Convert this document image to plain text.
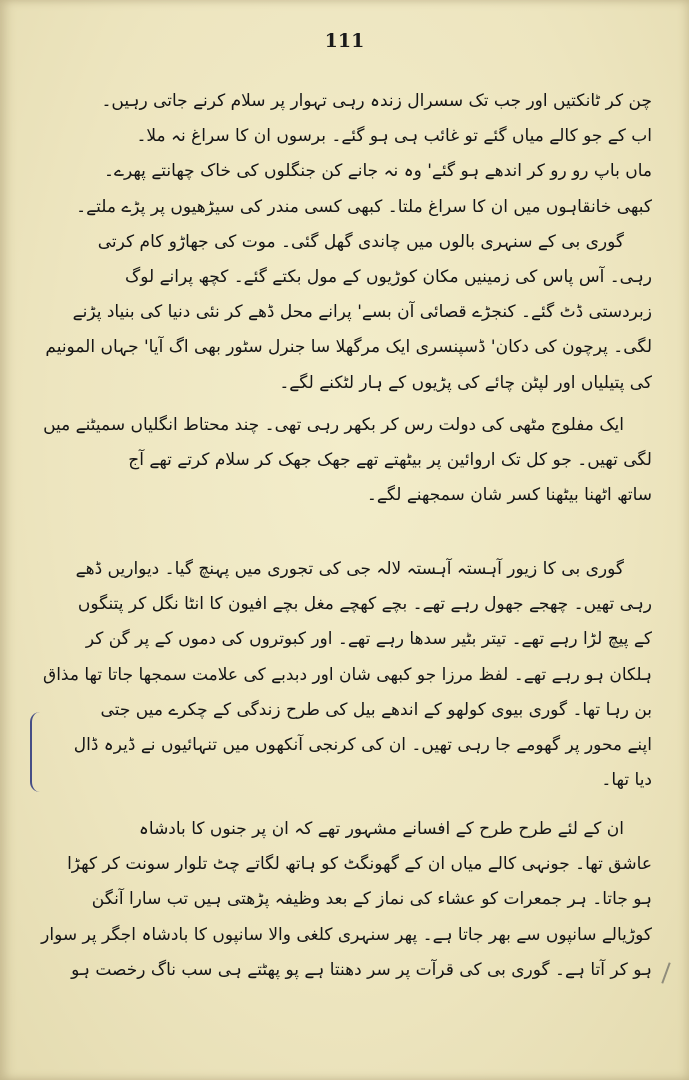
111
چن کر ٹانکتیں اور جب تک سسرال زندہ رہی تہوار پر سلام کرنے جاتی رہیں۔
اب کے جو کالے میاں گئے تو غائب ہی ہو گئے۔ برسوں ان کا سراغ نہ ملا۔
ماں باپ رو رو کر اندھے ہو گئے' وہ نہ جانے کن جنگلوں کی خاک چھانتے پھرے۔
کبھی خانقاہوں میں ان کا سراغ ملتا۔ کبھی کسی مندر کی سیڑھیوں پر پڑے ملتے۔
گوری بی کے سنہری بالوں میں چاندی گھل گئی۔ موت کی جھاڑو کام کرتی
رہی۔ آس پاس کی زمینیں مکان کوڑیوں کے مول بکتے گئے۔ کچھ پرانے لوگ
زبردستی ڈٹ گئے۔ کنجڑے قصائی آن بسے' پرانے محل ڈھے کر نئی دنیا کی بنیاد پڑنے
لگی۔ پرچون کی دکان' ڈسپنسری ایک مرگھلا سا جنرل سٹور بھی اگ آیا' جہاں المونیم
کی پتیلیاں اور لپٹن چائے کی پڑیوں کے ہار لٹکنے لگے۔
ایک مفلوج مٹھی کی دولت رس کر بکھر رہی تھی۔ چند محتاط انگلیاں سمیٹنے میں
لگی تھیں۔ جو کل تک اروائین پر بیٹھتے تھے جھک جھک کر سلام کرتے تھے آج
ساتھ اٹھنا بیٹھنا کسر شان سمجھنے لگے۔
گوری بی کا زیور آہستہ آہستہ لالہ جی کی تجوری میں پہنچ گیا۔ دیواریں ڈھے
رہی تھیں۔ چھجے جھول رہے تھے۔ بچے کھچے مغل بچے افیون کا انٹا نگل کر پتنگوں
کے پیچ لڑا رہے تھے۔ تیتر بٹیر سدھا رہے تھے۔ اور کبوتروں کی دموں کے پر گن کر
ہلکان ہو رہے تھے۔ لفظ مرزا جو کبھی شان اور دبدبے کی علامت سمجھا جاتا تھا مذاق
بن رہا تھا۔ گوری بیوی کولھو کے اندھے بیل کی طرح زندگی کے چکرے میں جتی
اپنے محور پر گھومے جا رہی تھیں۔ ان کی کرنجی آنکھوں میں تنہائیوں نے ڈیرہ ڈال
دیا تھا۔
ان کے لئے طرح طرح کے افسانے مشہور تھے کہ ان پر جنوں کا بادشاہ
عاشق تھا۔ جونہی کالے میاں ان کے گھونگٹ کو ہاتھ لگاتے چٹ تلوار سونت کر کھڑا
ہو جاتا۔ ہر جمعرات کو عشاء کی نماز کے بعد وظیفہ پڑھتی ہیں تب سارا آنگن
کوڑیالے سانپوں سے بھر جاتا ہے۔ پھر سنہری کلغی والا سانپوں کا بادشاہ اجگر پر سوار
ہو کر آتا ہے۔ گوری بی کی قرآت پر سر دھنتا ہے پو پھٹتے ہی سب ناگ رخصت ہو
